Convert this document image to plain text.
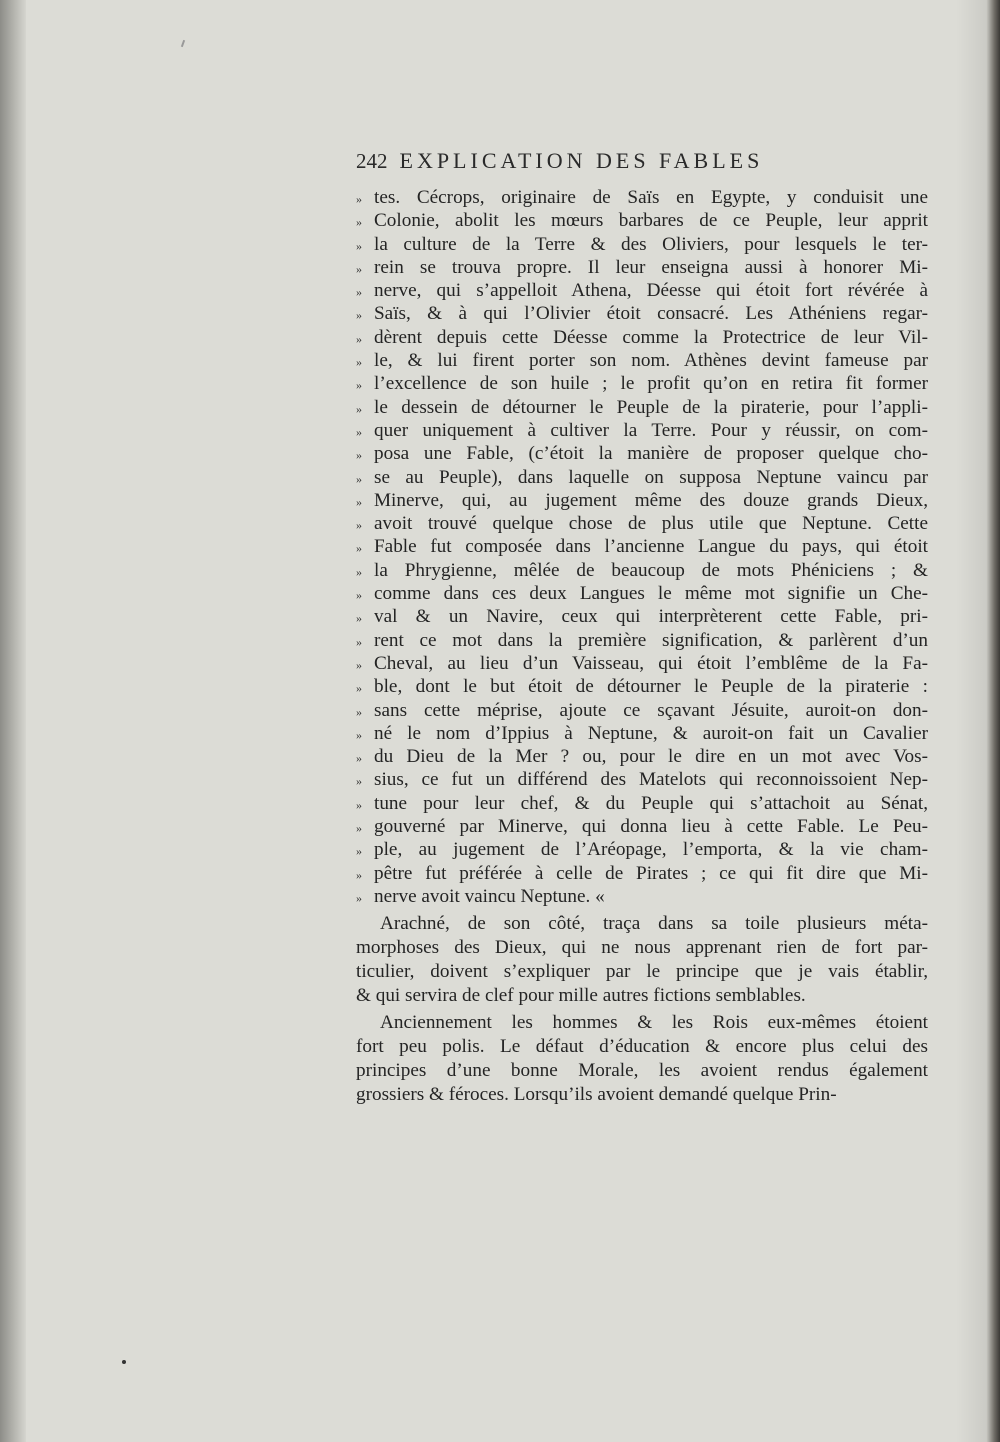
242 EXPLICATION DES FABLES
» tes. Cécrops, originaire de Saïs en Egypte, y conduisit une
» Colonie, abolit les mœurs barbares de ce Peuple, leur apprit
» la culture de la Terre & des Oliviers, pour lesquels le ter-
» rein se trouva propre. Il leur enseigna aussi à honorer Mi-
» nerve, qui s’appelloit Athena, Déesse qui étoit fort révérée à
» Saïs, & à qui l’Olivier étoit consacré. Les Athéniens regar-
» dèrent depuis cette Déesse comme la Protectrice de leur Vil-
» le, & lui firent porter son nom. Athènes devint fameuse par
» l’excellence de son huile ; le profit qu’on en retira fit former
» le dessein de détourner le Peuple de la piraterie, pour l’appli-
» quer uniquement à cultiver la Terre. Pour y réussir, on com-
» posa une Fable, (c’étoit la manière de proposer quelque cho-
» se au Peuple), dans laquelle on supposa Neptune vaincu par
» Minerve, qui, au jugement même des douze grands Dieux,
» avoit trouvé quelque chose de plus utile que Neptune. Cette
» Fable fut composée dans l’ancienne Langue du pays, qui étoit
» la Phrygienne, mêlée de beaucoup de mots Phéniciens ; &
» comme dans ces deux Langues le même mot signifie un Che-
» val & un Navire, ceux qui interprèterent cette Fable, pri-
» rent ce mot dans la première signification, & parlèrent d’un
» Cheval, au lieu d’un Vaisseau, qui étoit l’emblême de la Fa-
» ble, dont le but étoit de détourner le Peuple de la piraterie :
» sans cette méprise, ajoute ce sçavant Jésuite, auroit-on don-
» né le nom d’Ippius à Neptune, & auroit-on fait un Cavalier
» du Dieu de la Mer ? ou, pour le dire en un mot avec Vos-
» sius, ce fut un différend des Matelots qui reconnoissoient Nep-
» tune pour leur chef, & du Peuple qui s’attachoit au Sénat,
» gouverné par Minerve, qui donna lieu à cette Fable. Le Peu-
» ple, au jugement de l’Aréopage, l’emporta, & la vie cham-
» pêtre fut préférée à celle de Pirates ; ce qui fit dire que Mi-
» nerve avoit vaincu Neptune. «
Arachné, de son côté, traça dans sa toile plusieurs méta-
morphoses des Dieux, qui ne nous apprenant rien de fort par-
ticulier, doivent s’expliquer par le principe que je vais établir,
& qui servira de clef pour mille autres fictions semblables.
Anciennement les hommes & les Rois eux-mêmes étoient
fort peu polis. Le défaut d’éducation & encore plus celui des
principes d’une bonne Morale, les avoient rendus également
grossiers & féroces. Lorsqu’ils avoient demandé quelque Prin-
